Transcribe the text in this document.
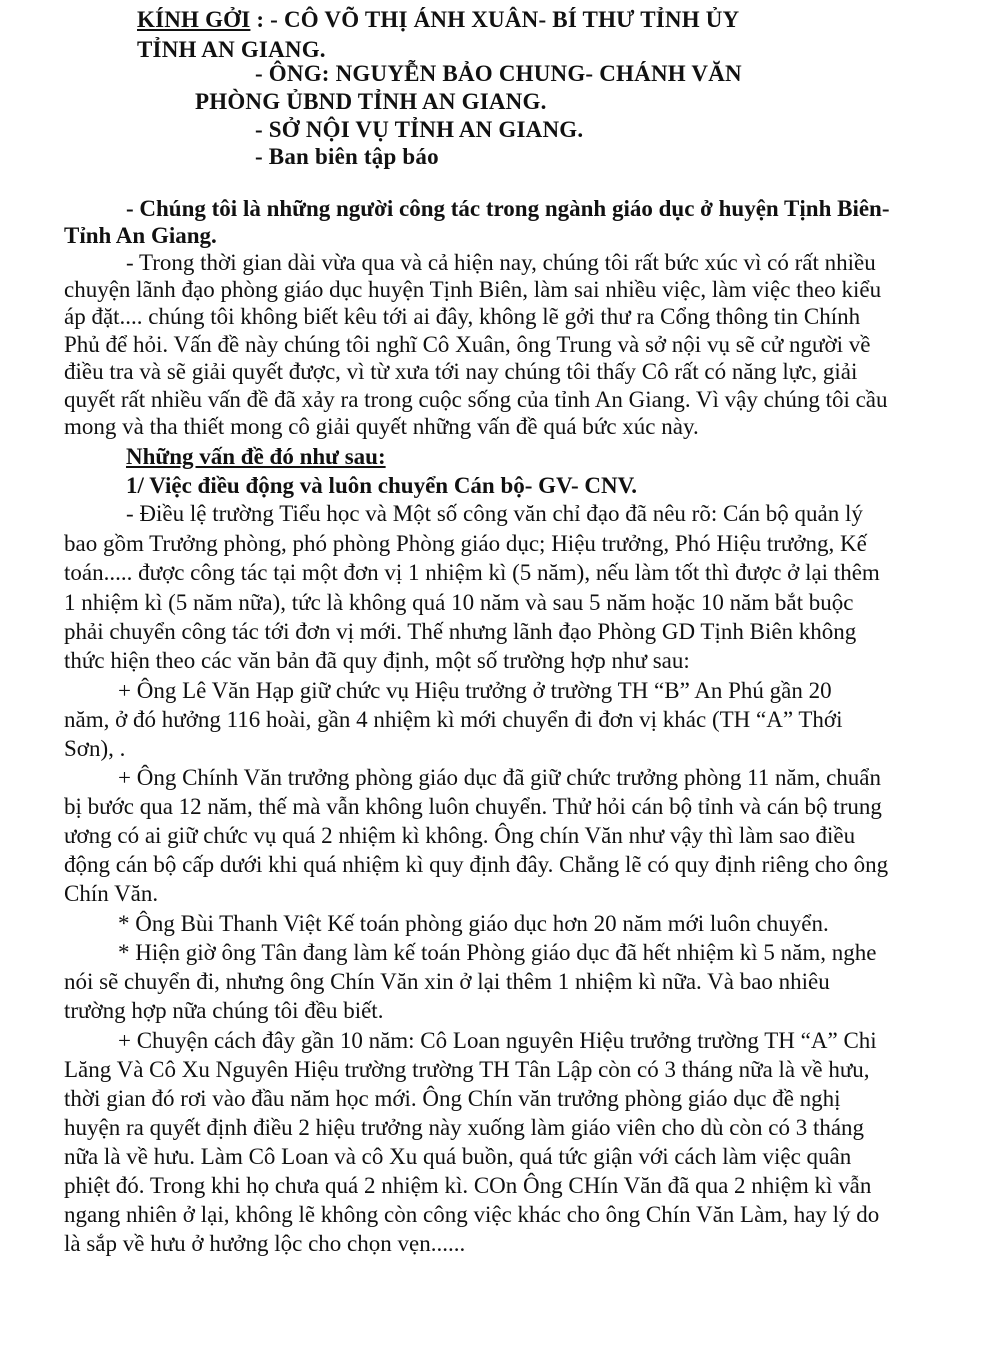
KÍNH GỞI : - CÔ VÕ THỊ ÁNH XUÂN- BÍ THƯ TỈNH ỦY
TỈNH AN GIANG.
- ÔNG: NGUYỄN BẢO CHUNG- CHÁNH VĂN
PHÒNG ỦBND TỈNH AN GIANG.
- SỞ NỘI VỤ TỈNH AN GIANG.
- Ban biên tập báo
- Chúng tôi là những người công tác trong ngành giáo dục ở huyện Tịnh Biên-
Tỉnh An Giang.
- Trong thời gian dài vừa qua và cả hiện nay, chúng tôi rất bức xúc vì có rất nhiều
chuyện lãnh đạo phòng giáo dục huyện Tịnh Biên, làm sai nhiều việc, làm việc theo kiểu
áp đặt.... chúng tôi không biết kêu tới ai đây, không lẽ gởi thư ra Cổng thông tin Chính
Phủ để hỏi. Vấn đề này chúng tôi nghĩ Cô Xuân, ông Trung và sở nội vụ sẽ cử người về
điều tra và sẽ giải quyết được, vì từ xưa tới nay chúng tôi thấy Cô rất có năng lực, giải
quyết rất nhiều vấn đề đã xảy ra trong cuộc sống của tỉnh An Giang. Vì vậy chúng tôi cầu
mong và tha thiết mong cô giải quyết những vấn đề quá bức xúc này.
Những vấn đề đó như sau:
1/ Việc điều động và luôn chuyển Cán bộ- GV- CNV.
- Điều lệ trường Tiểu học và Một số công văn chỉ đạo đã nêu rõ: Cán bộ quản lý
bao gồm Trưởng phòng, phó phòng Phòng giáo dục; Hiệu trưởng, Phó Hiệu trưởng, Kế
toán..... được công tác tại một đơn vị 1 nhiệm kì (5 năm), nếu làm tốt thì được ở lại thêm
1 nhiệm kì (5 năm nữa), tức là không quá 10 năm và sau 5 năm hoặc 10 năm bắt buộc
phải chuyển công tác tới đơn vị mới. Thế nhưng lãnh đạo Phòng GD Tịnh Biên không
thức hiện theo các văn bản đã quy định, một số trường hợp như sau:
+ Ông Lê Văn Hạp giữ chức vụ Hiệu trưởng ở trường TH “B” An Phú gần 20
năm, ở đó hưởng 116 hoài, gần 4 nhiệm kì mới chuyển đi đơn vị khác (TH “A” Thới
Sơn), .
+ Ông Chính Văn trưởng phòng giáo dục đã giữ chức trưởng phòng 11 năm, chuẩn
bị bước qua 12 năm, thế mà vẫn không luôn chuyển. Thử hỏi cán bộ tỉnh và cán bộ trung
ương có ai giữ chức vụ quá 2 nhiệm kì không. Ông chín Văn như vậy thì làm sao điều
động cán bộ cấp dưới khi quá nhiệm kì quy định đây. Chẳng lẽ có quy định riêng cho ông
Chín Văn.
* Ông Bùi Thanh Việt Kế toán phòng giáo dục hơn 20 năm mới luôn chuyển.
* Hiện giờ ông Tân đang làm kế toán Phòng giáo dục đã hết nhiệm kì 5 năm, nghe
nói sẽ chuyển đi, nhưng ông Chín Văn xin ở lại thêm 1 nhiệm kì nữa. Và bao nhiêu
trường hợp nữa chúng tôi đều biết.
+ Chuyện cách đây gần 10 năm: Cô Loan nguyên Hiệu trưởng trường TH “A” Chi
Lăng Và Cô Xu Nguyên Hiệu trường trường TH Tân Lập còn có 3 tháng nữa là về hưu,
thời gian đó rơi vào đầu năm học mới. Ông Chín văn trưởng phòng giáo dục đề nghị
huyện ra quyết định điều 2 hiệu trưởng này xuống làm giáo viên cho dù còn có 3 tháng
nữa là về hưu. Làm Cô Loan và cô Xu quá buồn, quá tức giận với cách làm việc quân
phiệt đó. Trong khi họ chưa quá 2 nhiệm kì. COn Ông CHín Văn đã qua 2 nhiệm kì vẫn
ngang nhiên ở lại, không lẽ không còn công việc khác cho ông Chín Văn Làm, hay lý do
là sắp về hưu ở hưởng lộc cho chọn vẹn......
